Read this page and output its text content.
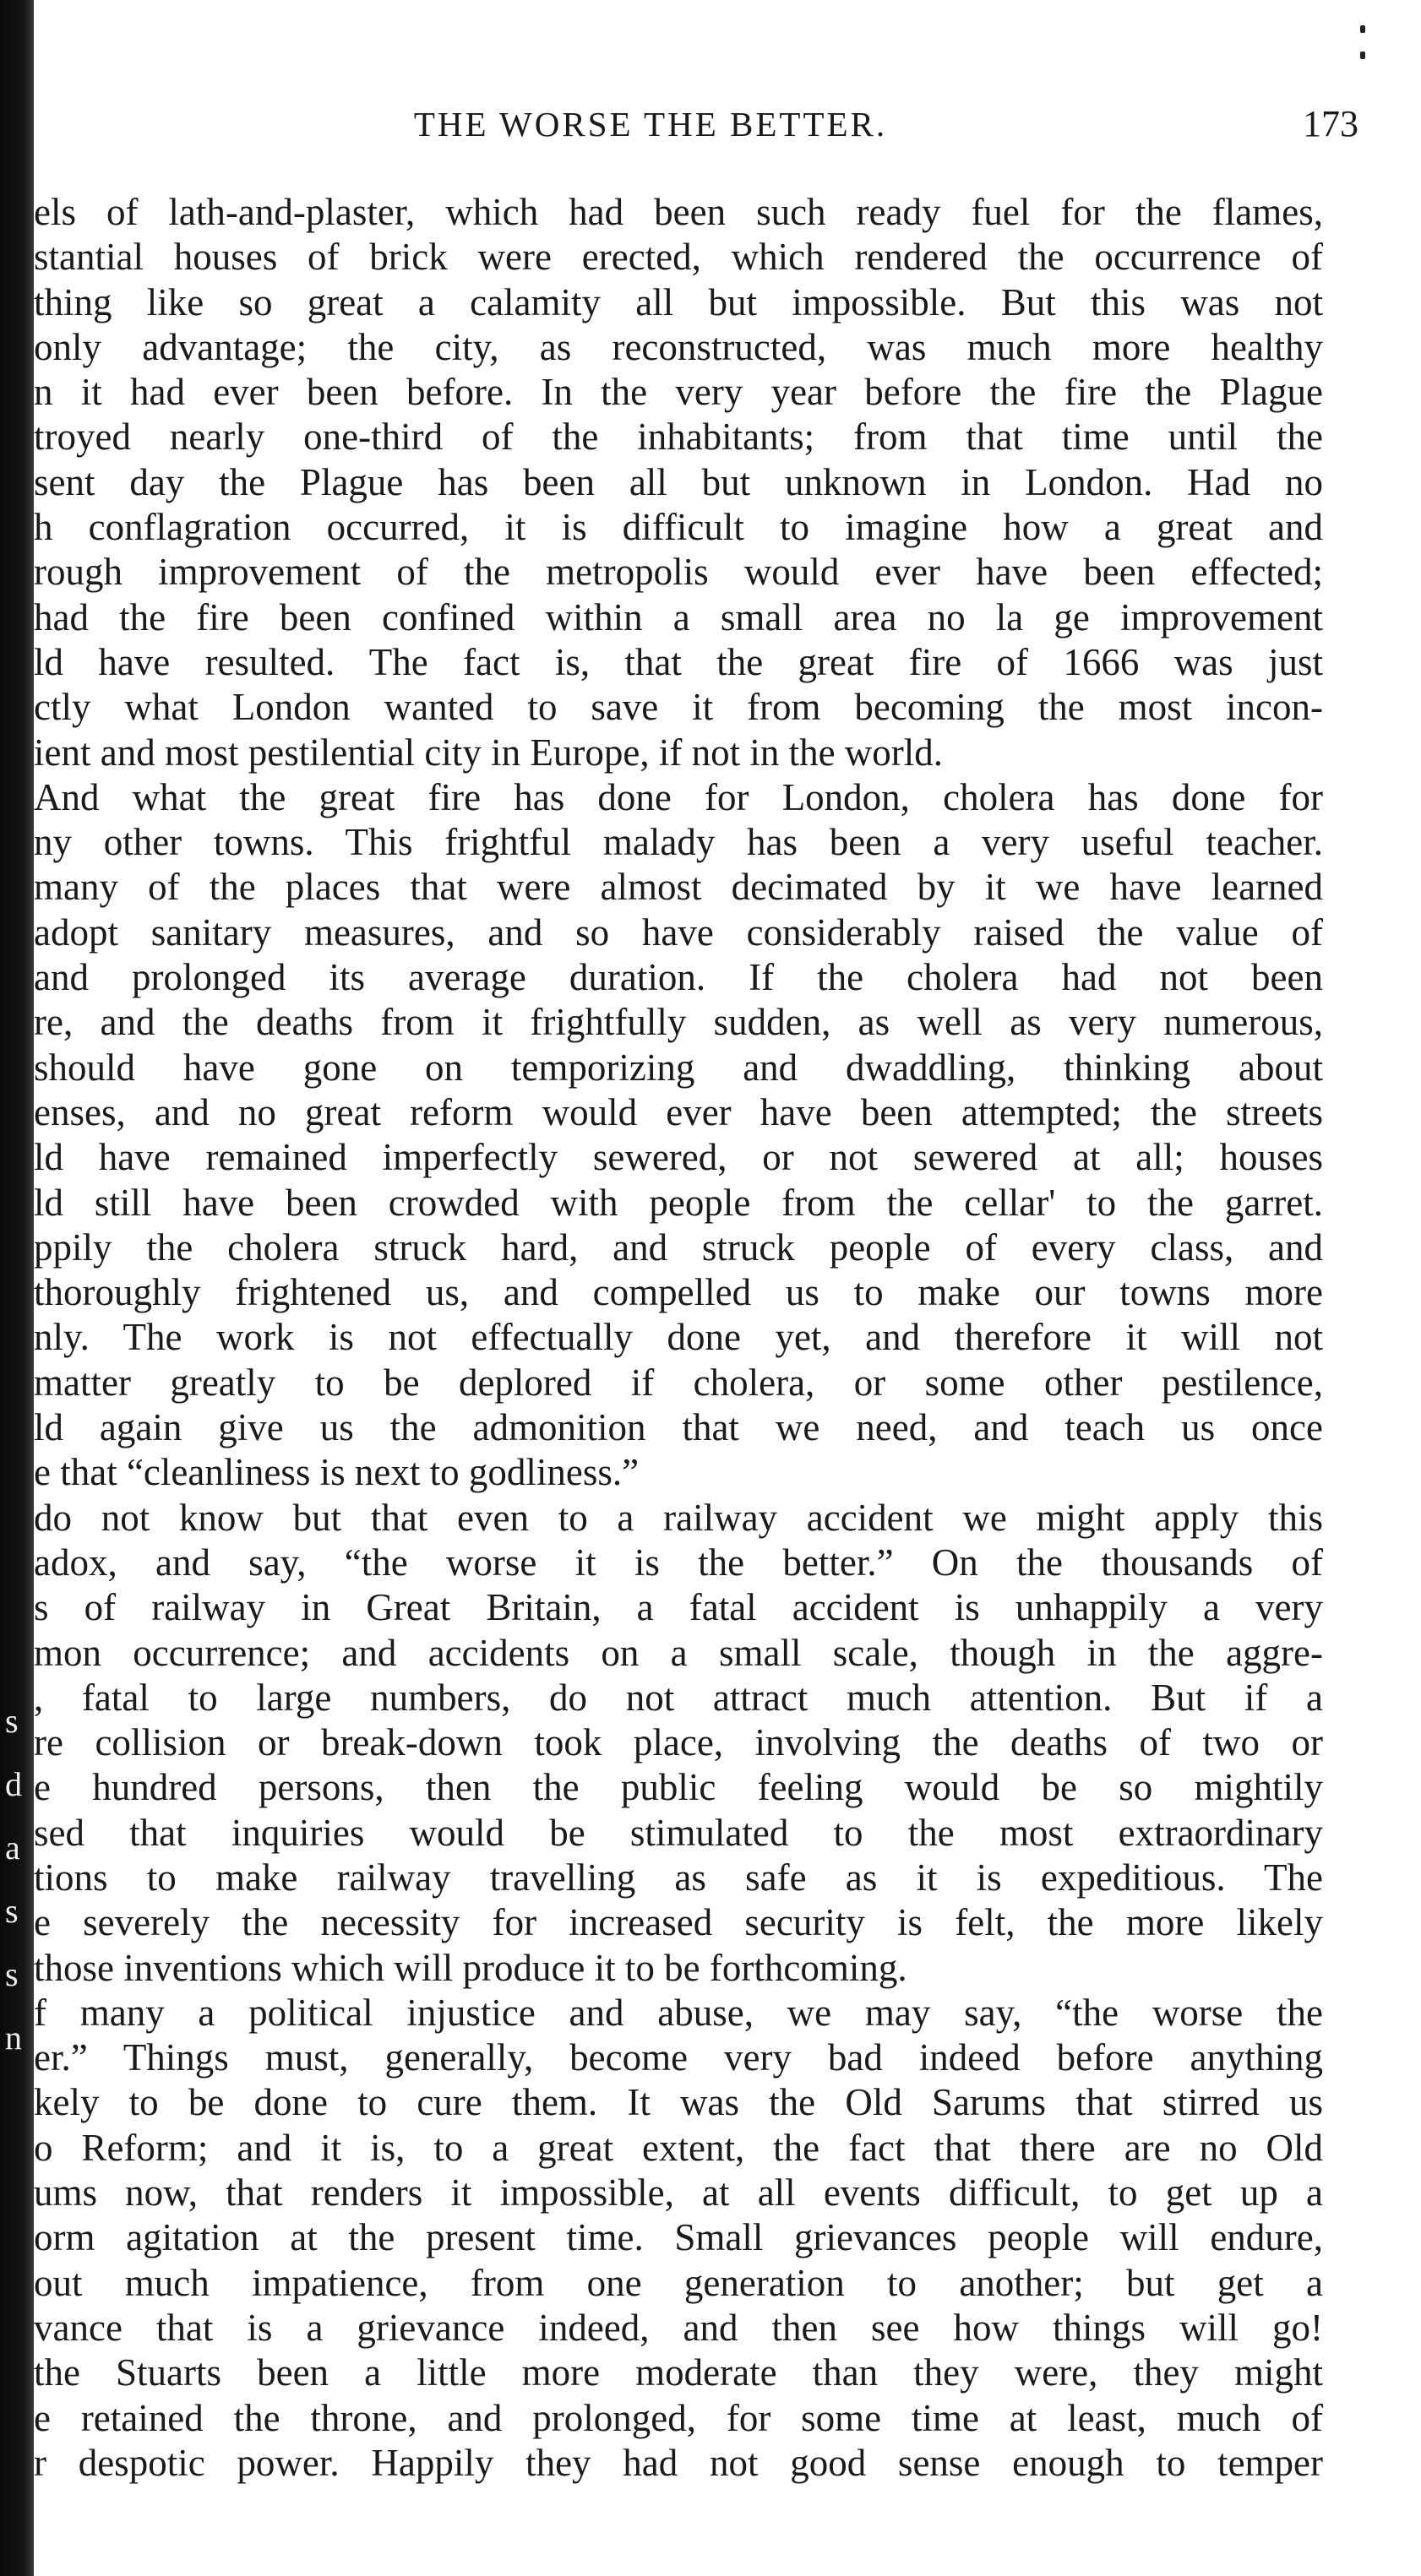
s
d
a
s
s
n
THE WORSE THE BETTER.	173
els of lath-and-plaster, which had been such ready fuel for the flames,
stantial houses of brick were erected, which rendered the occurrence of
thing like so great a calamity all but impossible. But this was not
only advantage; the city, as reconstructed, was much more healthy
n it had ever been before. In the very year before the fire the Plague
troyed nearly one-third of the inhabitants; from that time until the
sent day the Plague has been all but unknown in London. Had no
h conflagration occurred, it is difficult to imagine how a great and
rough improvement of the metropolis would ever have been effected;
had the fire been confined within a small area no la ge improvement
ld have resulted. The fact is, that the great fire of 1666 was just
ctly what London wanted to save it from becoming the most incon-
ient and most pestilential city in Europe, if not in the world.
And what the great fire has done for London, cholera has done for
ny other towns. This frightful malady has been a very useful teacher.
many of the places that were almost decimated by it we have learned
adopt sanitary measures, and so have considerably raised the value of
and prolonged its average duration. If the cholera had not been
re, and the deaths from it frightfully sudden, as well as very numerous,
should have gone on temporizing and dwaddling, thinking about
enses, and no great reform would ever have been attempted; the streets
ld have remained imperfectly sewered, or not sewered at all; houses
ld still have been crowded with people from the cellar' to the garret.
ppily the cholera struck hard, and struck people of every class, and
thoroughly frightened us, and compelled us to make our towns more
nly. The work is not effectually done yet, and therefore it will not
matter greatly to be deplored if cholera, or some other pestilence,
ld again give us the admonition that we need, and teach us once
e that “cleanliness is next to godliness.”
do not know but that even to a railway accident we might apply this
adox, and say, “the worse it is the better.” On the thousands of
s of railway in Great Britain, a fatal accident is unhappily a very
mon occurrence; and accidents on a small scale, though in the aggre-
, fatal to large numbers, do not attract much attention. But if a
re collision or break-down took place, involving the deaths of two or
e hundred persons, then the public feeling would be so mightily
sed that inquiries would be stimulated to the most extraordinary
tions to make railway travelling as safe as it is expeditious. The
e severely the necessity for increased security is felt, the more likely
those inventions which will produce it to be forthcoming.
f many a political injustice and abuse, we may say, “the worse the
er.” Things must, generally, become very bad indeed before anything
kely to be done to cure them. It was the Old Sarums that stirred us
o Reform; and it is, to a great extent, the fact that there are no Old
ums now, that renders it impossible, at all events difficult, to get up a
orm agitation at the present time. Small grievances people will endure,
out much impatience, from one generation to another; but get a
vance that is a grievance indeed, and then see how things will go!
the Stuarts been a little more moderate than they were, they might
e retained the throne, and prolonged, for some time at least, much of
r despotic power. Happily they had not good sense enough to temper
